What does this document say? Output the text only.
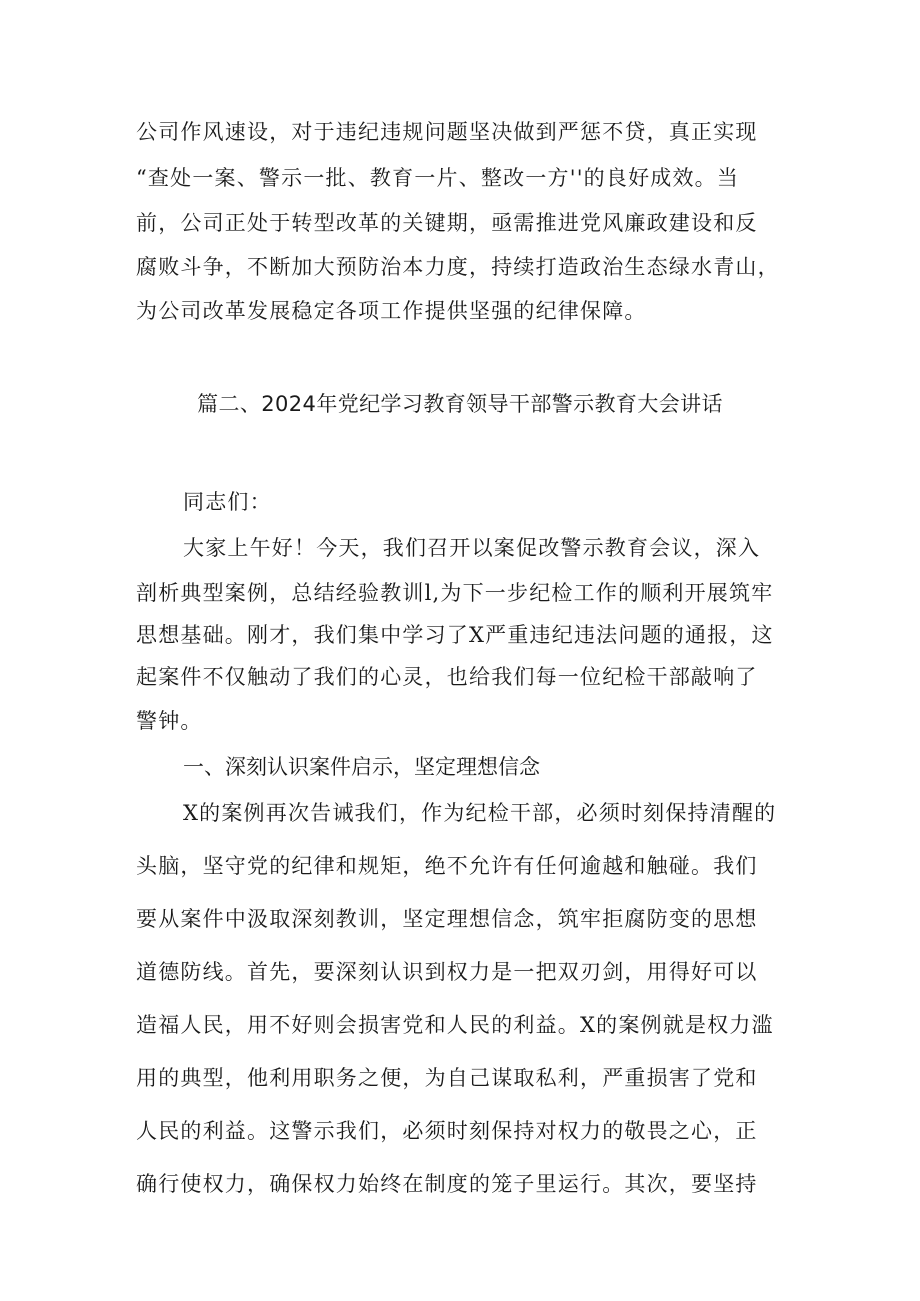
公司作风速设，对于违纪违规问题坚决做到严惩不贷，真正实现
“查处一案、警示一批、教育一片、整改一方''的良好成效。当
前，公司正处于转型改革的关键期，亟需推进党风廉政建设和反
腐败斗争，不断加大预防治本力度，持续打造政治生态绿水青山，
为公司改革发展稳定各项工作提供坚强的纪律保障。
篇二、2024年党纪学习教育领导干部警示教育大会讲话
同志们：
大家上午好！今天，我们召开以案促改警示教育会议，深入
剖析典型案例，总结经验教训l,为下一步纪检工作的顺利开展筑牢
思想基础。刚才，我们集中学习了X严重违纪违法问题的通报，这
起案件不仅触动了我们的心灵，也给我们每一位纪检干部敲响了
警钟。
一、深刻认识案件启示，坚定理想信念
X的案例再次告诫我们，作为纪检干部，必须时刻保持清醒的
头脑，坚守党的纪律和规矩，绝不允许有任何逾越和触碰。我们
要从案件中汲取深刻教训，坚定理想信念，筑牢拒腐防变的思想
道德防线。首先，要深刻认识到权力是一把双刃剑，用得好可以
造福人民，用不好则会损害党和人民的利益。X的案例就是权力滥
用的典型，他利用职务之便，为自己谋取私利，严重损害了党和
人民的利益。这警示我们，必须时刻保持对权力的敬畏之心，正
确行使权力，确保权力始终在制度的笼子里运行。其次，要坚持
